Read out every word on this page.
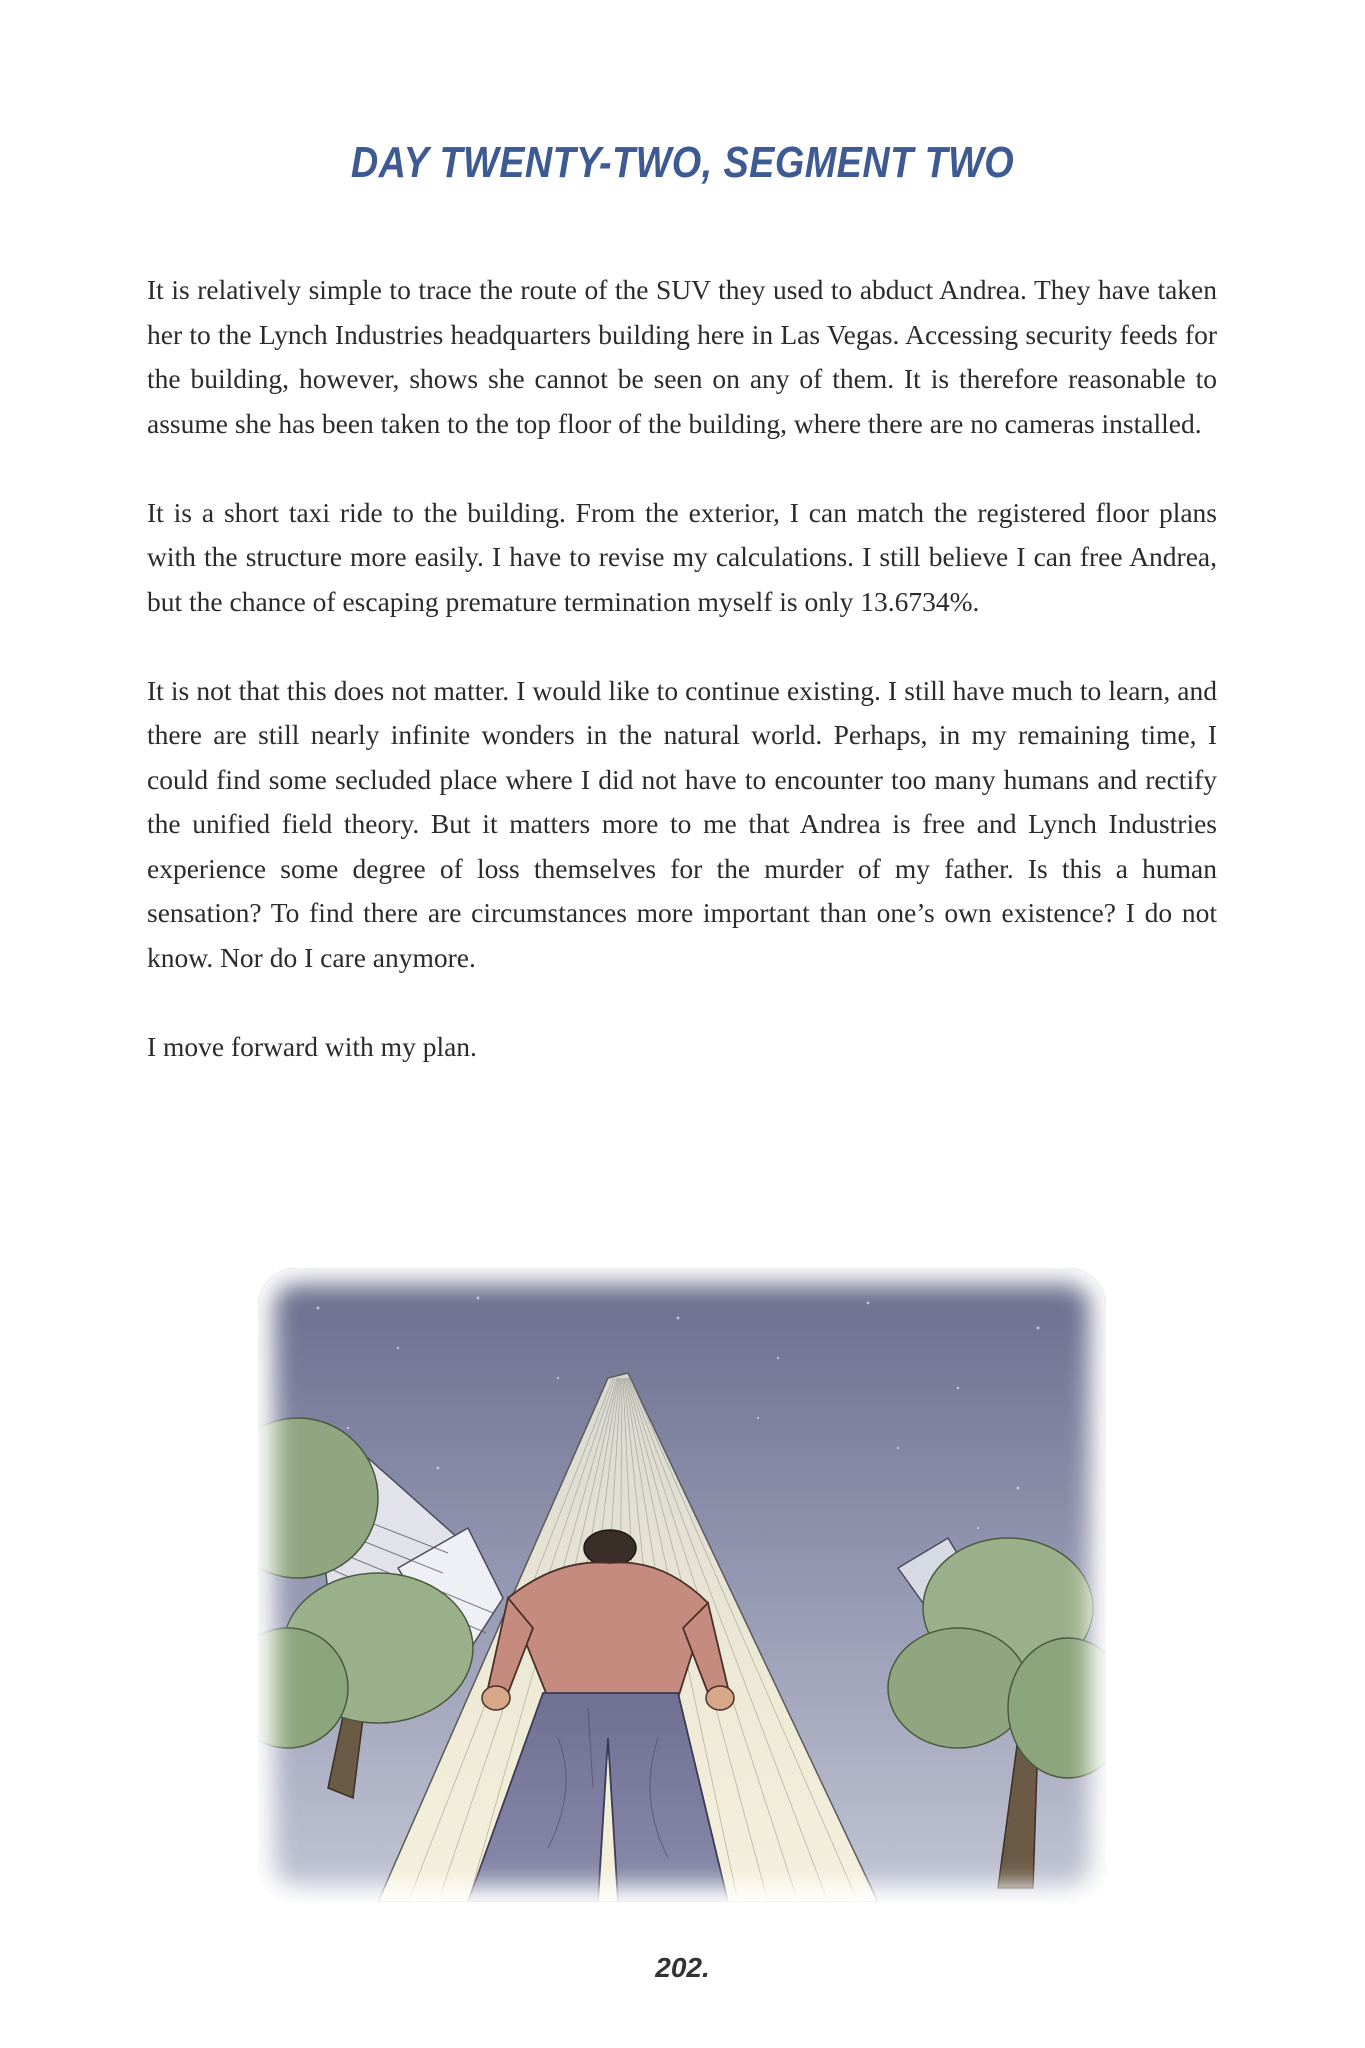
DAY TWENTY-TWO, SEGMENT TWO

It is relatively simple to trace the route of the SUV they used to abduct Andrea. They have taken her to the Lynch Industries headquarters building here in Las Vegas. Accessing security feeds for the building, however, shows she cannot be seen on any of them. It is therefore reasonable to assume she has been taken to the top floor of the building, where there are no cameras installed.

It is a short taxi ride to the building. From the exterior, I can match the registered floor plans with the structure more easily. I have to revise my calculations. I still believe I can free Andrea, but the chance of escaping premature termination myself is only 13.6734%.

It is not that this does not matter. I would like to continue existing. I still have much to learn, and there are still nearly infinite wonders in the natural world. Perhaps, in my remaining time, I could find some secluded place where I did not have to encounter too many humans and rectify the unified field theory. But it matters more to me that Andrea is free and Lynch Industries experience some degree of loss themselves for the murder of my father. Is this a human sensation? To find there are circumstances more important than one’s own existence? I do not know. Nor do I care anymore.

I move forward with my plan.

202.
